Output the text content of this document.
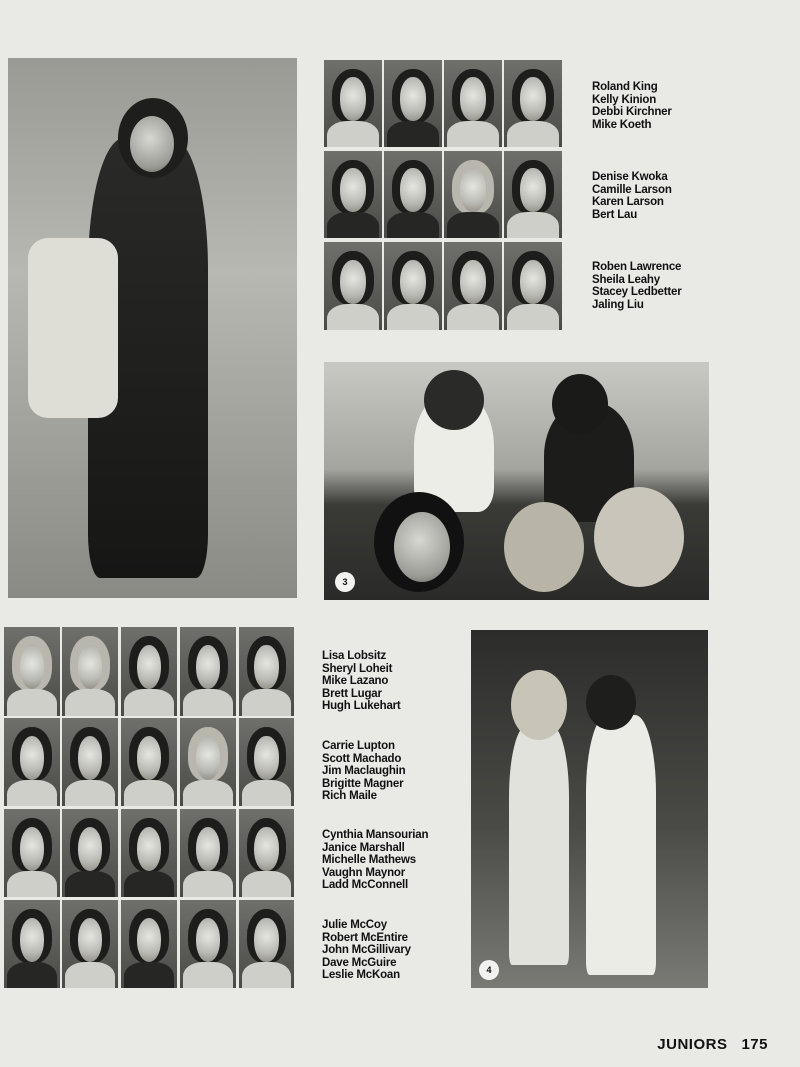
Roland King
Kelly Kinion
Debbi Kirchner
Mike Koeth
Denise Kwoka
Camille Larson
Karen Larson
Bert Lau
Roben Lawrence
Sheila Leahy
Stacey Ledbetter
Jaling Liu
3
Lisa Lobsitz
Sheryl Loheit
Mike Lazano
Brett Lugar
Hugh Lukehart
Carrie Lupton
Scott Machado
Jim Maclaughin
Brigitte Magner
Rich Maile
Cynthia Mansourian
Janice Marshall
Michelle Mathews
Vaughn Maynor
Ladd McConnell
Julie McCoy
Robert McEntire
John McGillivary
Dave McGuire
Leslie McKoan	4
JUNIORS 175
